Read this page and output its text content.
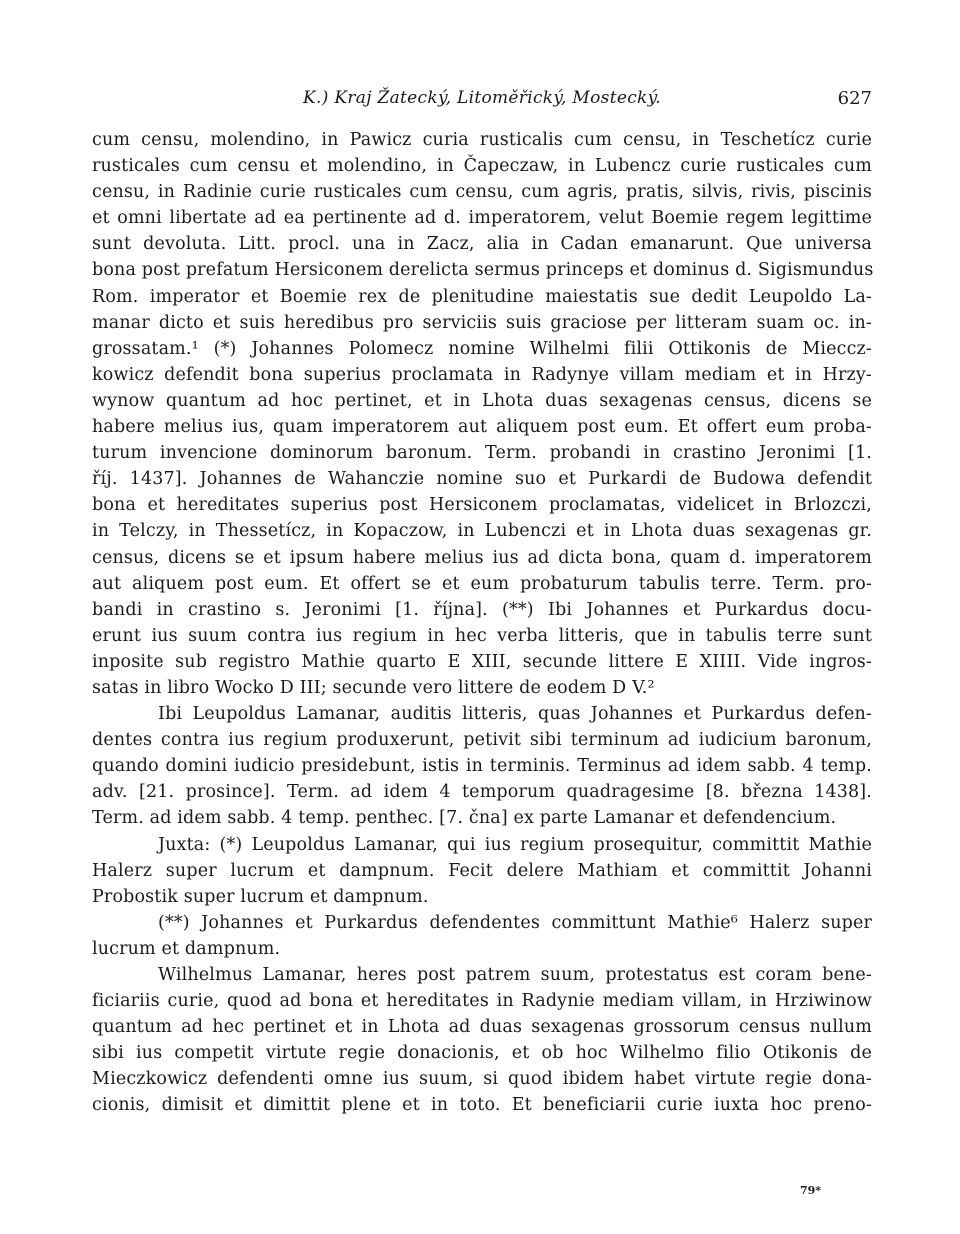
K.) Kraj Žatecký, Litoměřický, Mostecký.	627
cum censu, molendino, in Pawicz curia rusticalis cum censu, in Teschetícz curie
rusticales cum censu et molendino, in Čapeczaw, in Lubencz curie rusticales cum
censu, in Radinie curie rusticales cum censu, cum agris, pratis, silvis, rivis, piscinis
et omni libertate ad ea pertinente ad d. imperatorem, velut Boemie regem legittime
sunt devoluta. Litt. procl. una in Zacz, alia in Cadan emanarunt. Que universa
bona post prefatum Hersiconem derelicta sermus princeps et dominus d. Sigismundus
Rom. imperator et Boemie rex de plenitudine maiestatis sue dedit Leupoldo La-
manar dicto et suis heredibus pro serviciis suis graciose per litteram suam oc. in-
grossatam.¹ (*) Johannes Polomecz nomine Wilhelmi filii Ottikonis de Mieccz-
kowicz defendit bona superius proclamata in Radynye villam mediam et in Hrzy-
wynow quantum ad hoc pertinet, et in Lhota duas sexagenas census, dicens se
habere melius ius, quam imperatorem aut aliquem post eum. Et offert eum proba-
turum invencione dominorum baronum. Term. probandi in crastino Jeronimi [1.
říj. 1437]. Johannes de Wahanczie nomine suo et Purkardi de Budowa defendit
bona et hereditates superius post Hersiconem proclamatas, videlicet in Brlozczi,
in Telczy, in Thessetícz, in Kopaczow, in Lubenczi et in Lhota duas sexagenas gr.
census, dicens se et ipsum habere melius ius ad dicta bona, quam d. imperatorem
aut aliquem post eum. Et offert se et eum probaturum tabulis terre. Term. pro-
bandi in crastino s. Jeronimi [1. října]. (**) Ibi Johannes et Purkardus docu-
erunt ius suum contra ius regium in hec verba litteris, que in tabulis terre sunt
inposite sub registro Mathie quarto E XIII, secunde littere E XIIII. Vide ingros-
satas in libro Wocko D III; secunde vero littere de eodem D V.²
Ibi Leupoldus Lamanar, auditis litteris, quas Johannes et Purkardus defen-
dentes contra ius regium produxerunt, petivit sibi terminum ad iudicium baronum,
quando domini iudicio presidebunt, istis in terminis. Terminus ad idem sabb. 4 temp.
adv. [21. prosince]. Term. ad idem 4 temporum quadragesime [8. března 1438].
Term. ad idem sabb. 4 temp. penthec. [7. čna] ex parte Lamanar et defendencium.
Juxta: (*) Leupoldus Lamanar, qui ius regium prosequitur, committit Mathie
Halerz super lucrum et dampnum. Fecit delere Mathiam et committit Johanni
Probostik super lucrum et dampnum.
(**) Johannes et Purkardus defendentes committunt Mathie⁶ Halerz super
lucrum et dampnum.
Wilhelmus Lamanar, heres post patrem suum, protestatus est coram bene-
ficiariis curie, quod ad bona et hereditates in Radynie mediam villam, in Hrziwinow
quantum ad hec pertinet et in Lhota ad duas sexagenas grossorum census nullum
sibi ius competit virtute regie donacionis, et ob hoc Wilhelmo filio Otikonis de
Mieczkowicz defendenti omne ius suum, si quod ibidem habet virtute regie dona-
cionis, dimisit et dimittit plene et in toto. Et beneficiarii curie iuxta hoc preno-
79*
